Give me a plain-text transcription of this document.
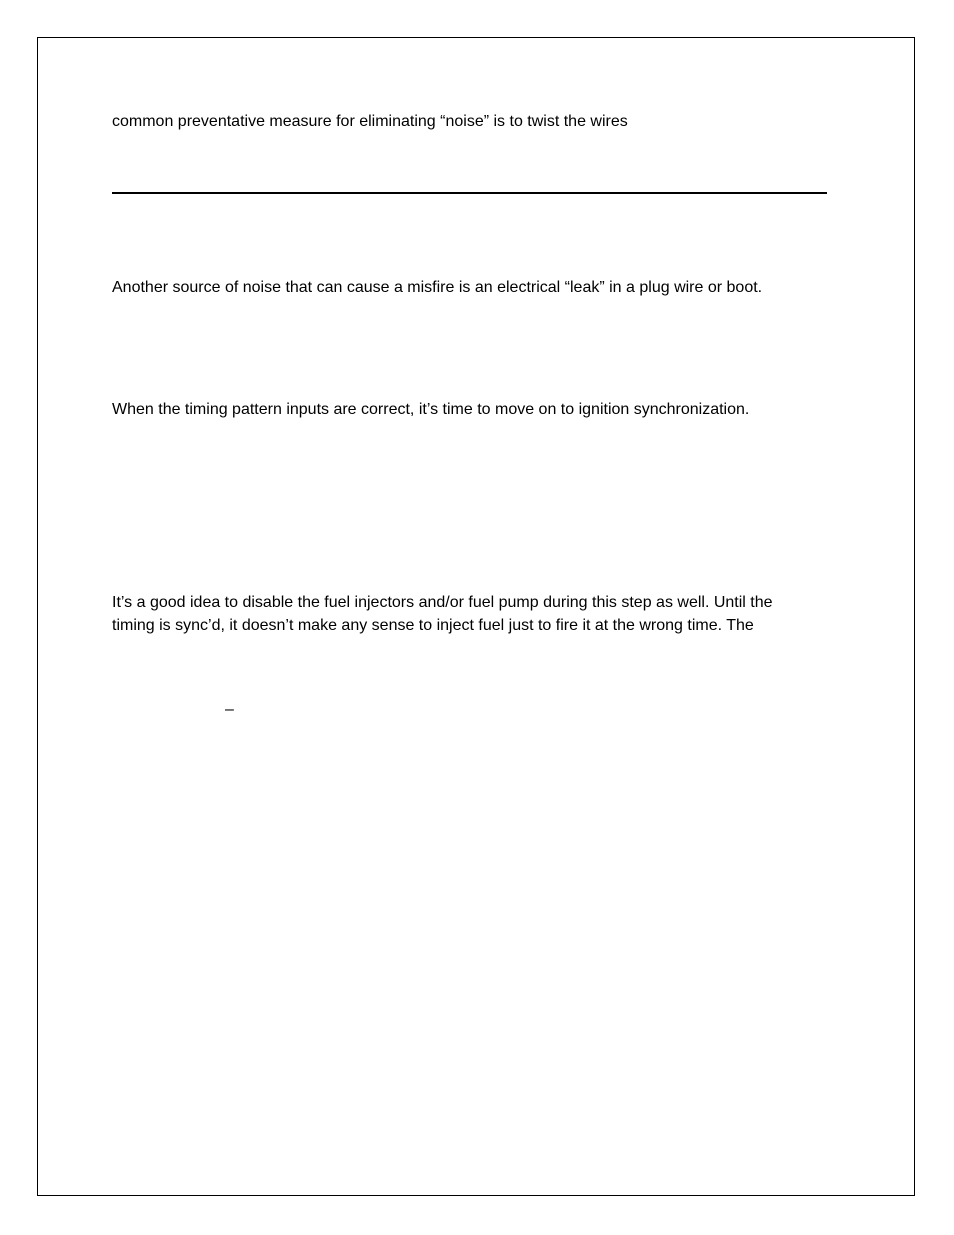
common preventative measure for eliminating “noise” is to twist the wires

Another source of noise that can cause a misfire is an electrical “leak” in a plug wire or boot.

When the timing pattern inputs are correct, it’s time to move on to ignition synchronization.

It’s a good idea to disable the fuel injectors and/or fuel pump during this step as well. Until the

timing is sync’d, it doesn’t make any sense to inject fuel just to fire it at the wrong time. The

–
